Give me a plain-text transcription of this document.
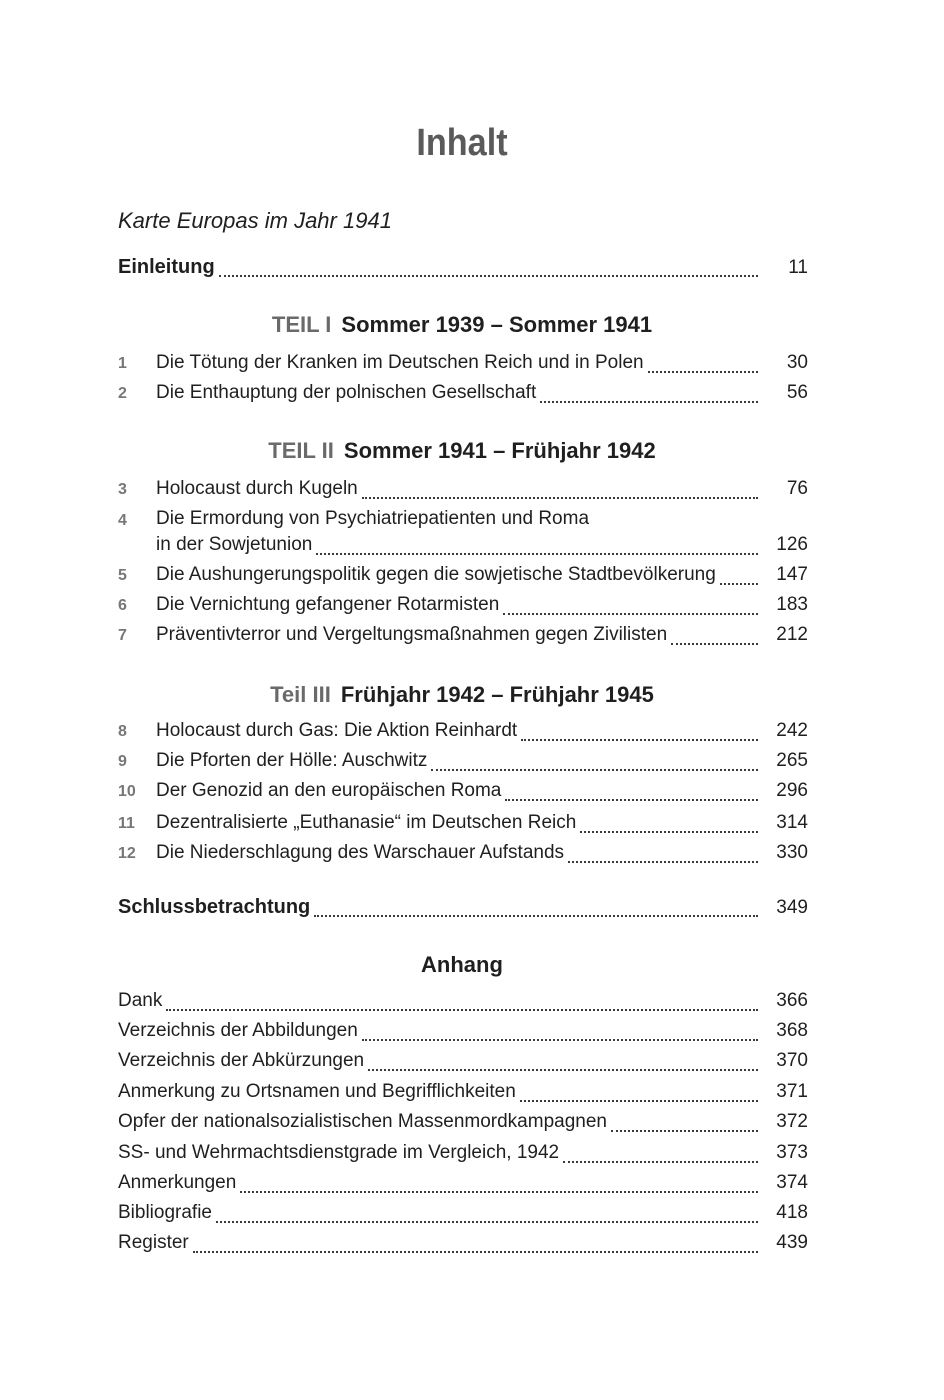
Inhalt
Karte Europas im Jahr 1941
Einleitung	11
TEIL I Sommer 1939 – Sommer 1941
1	Die Tötung der Kranken im Deutschen Reich und in Polen	30
2	Die Enthauptung der polnischen Gesellschaft	56
TEIL II Sommer 1941 – Frühjahr 1942
3	Holocaust durch Kugeln	76
4 Die Ermordung von Psychiatriepatienten und Roma
in der Sowjetunion	126
5	Die Aushungerungspolitik gegen die sowjetische Stadtbevölkerung	147
6	Die Vernichtung gefangener Rotarmisten	183
7	Präventivterror und Vergeltungsmaßnahmen gegen Zivilisten	212
Teil III Frühjahr 1942 – Frühjahr 1945
8	Holocaust durch Gas: Die Aktion Reinhardt	242
9	Die Pforten der Hölle: Auschwitz	265
10	Der Genozid an den europäischen Roma	296
11	Dezentralisierte „Euthanasie“ im Deutschen Reich	314
12	Die Niederschlagung des Warschauer Aufstands	330
Schlussbetrachtung	349
Anhang
Dank	366
Verzeichnis der Abbildungen	368
Verzeichnis der Abkürzungen	370
Anmerkung zu Ortsnamen und Begrifflichkeiten	371
Opfer der nationalsozialistischen Massenmordkampagnen	372
SS- und Wehrmachtsdienstgrade im Vergleich, 1942	373
Anmerkungen	374
Bibliografie	418
Register	439
